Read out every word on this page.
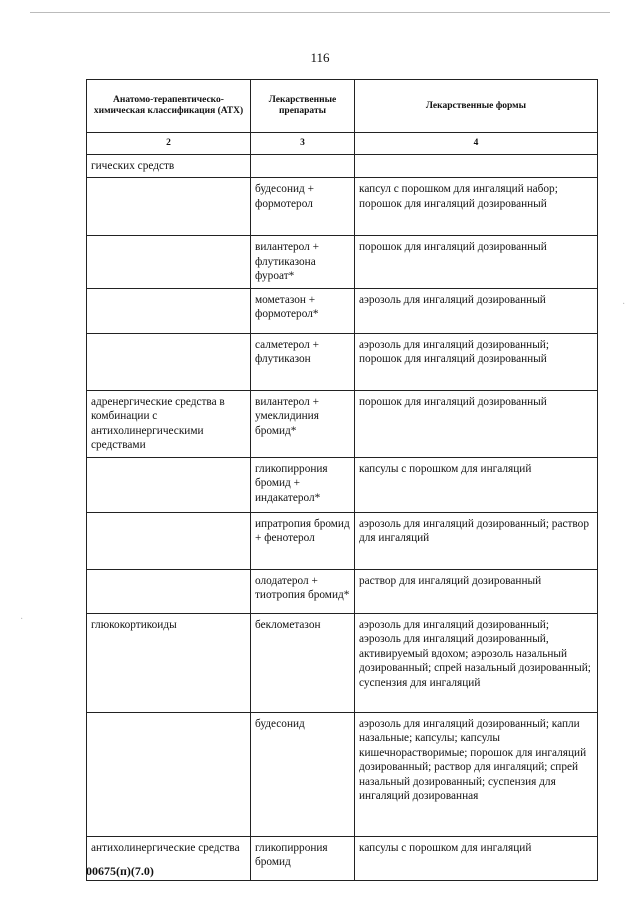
·
·
116
Анатомо-терапевтическо-химическая классификация (АТХ)	Лекарственные препараты	Лекарственные формы
2	3	4
гических средств		
	будесонид + формотерол	капсул с порошком для ингаляций набор; порошок для ингаляций дозированный
	вилантерол + флутиказона фуроат*	порошок для ингаляций дозированный
	мометазон + формотерол*	аэрозоль для ингаляций дозированный
	салметерол + флутиказон	аэрозоль для ингаляций дозированный; порошок для ингаляций дозированный
адренергические средства в комбинации с антихолинергическими средствами	вилантерол + умеклидиния бромид*	порошок для ингаляций дозированный
	гликопиррония бромид + индакатерол*	капсулы с порошком для ингаляций
	ипратропия бромид + фенотерол	аэрозоль для ингаляций дозированный; раствор для ингаляций
	олодатерол + тиотропия бромид*	раствор для ингаляций дозированный
глюкокортикоиды	беклометазон	аэрозоль для ингаляций дозированный; аэрозоль для ингаляций дозированный, активируемый вдохом; аэрозоль назальный дозированный; спрей назальный дозированный; суспензия для ингаляций
	будесонид	аэрозоль для ингаляций дозированный; капли назальные; капсулы; капсулы кишечнорастворимые; порошок для ингаляций дозированный; раствор для ингаляций; спрей назальный дозированный; суспензия для ингаляций дозированная
антихолинергические средства	гликопиррония бромид	капсулы с порошком для ингаляций
00675(п)(7.0)
